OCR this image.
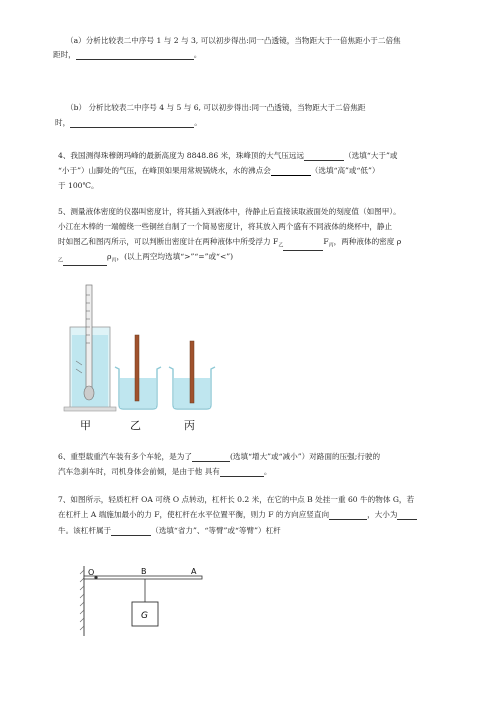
（a）分析比较表二中序号 1 与 2 与 3, 可以初步得出:同一凸透镜，当物距大于一倍焦距小于二倍焦
距时，	。
（b） 分析比较表二中序号 4 与 5 与 6, 可以初步得出:同一凸透镜，当物距大于二倍焦距
时，	。
4、我国测得珠穆朗玛峰的最新高度为 8848.86 米，珠峰顶的大气压远远	（选填“大于”或
“小于”）山脚处的气压，在峰顶如果用常规锅烧水，水的沸点会	（选填“高”或“低”）
于 100℃。
5、测量液体密度的仪器叫密度计，将其插入到液体中，待静止后直接读取液面处的刻度值（如图甲）。
小江在木棒的一端缠绕一些铜丝自制了一个简易密度计，将其放入两个盛有不同液体的烧杯中，静止
时如图乙和图丙所示，可以判断出密度计在两种液体中所受浮力 $F_乙$	$F_丙$，两种液体的密度 ρ
$_乙$	$\rho_丙$，(以上两空均选填“>”“=”或“<”)
甲	乙	丙
6、重型载重汽车装有多个车轮，是为了	(选填“增大”或“减小”）对路面的压强;行驶的
汽车急刹车时，司机身体会前倾，是由于他 具有	。
7、如图所示，轻质杠杆 OA 可绕 O 点转动，杠杆长 0.2 米，在它的中点 B 处挂一重 60 牛的物体 G，若
在杠杆上 A 端施加最小的力 F，使杠杆在水平位置平衡，则力 F 的方向应竖直向	，大小为
牛。该杠杆属于	（选填“省力”、“等臂”或“等臂”）杠杆
O	B	A
G
